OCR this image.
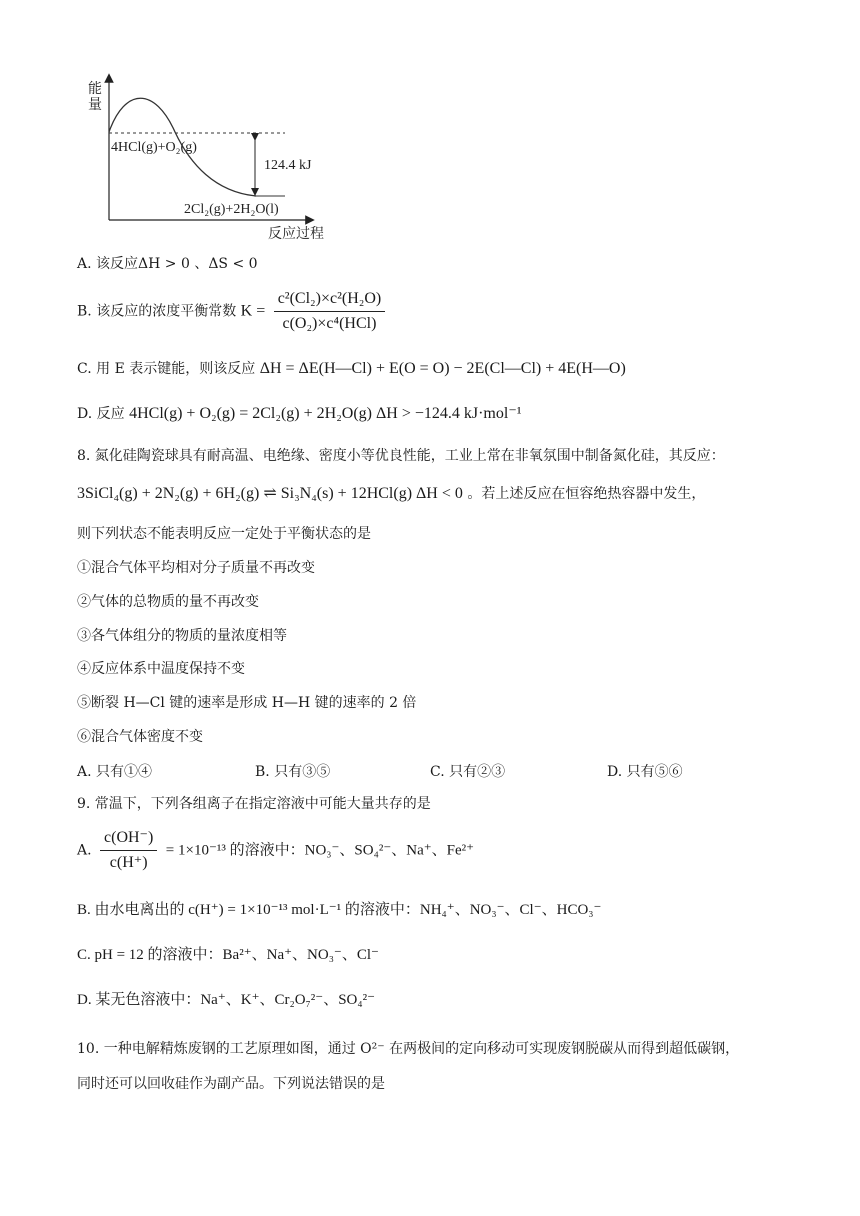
能
量
反应过程
4HCl(g)+O₂(g)
124.4 kJ
2Cl₂(g)+2H₂O(l)
A. 该反应ΔH > 0 、ΔS < 0
B. 该反应的浓度平衡常数 $K = \frac{\text{c²(Cl₂)×c²(H₂O)}}{\text{c(O₂)×c⁴(HCl)}}$
C. 用 E 表示键能，则该反应 ΔH = ΔE(H—Cl) + E(O = O) − 2E(Cl—Cl) + 4E(H—O)
D. 反应 4HCl(g) + O₂(g) = 2Cl₂(g) + 2H₂O(g) ΔH > −124.4 kJ·mol⁻¹
8. 氮化硅陶瓷球具有耐高温、电绝缘、密度小等优良性能，工业上常在非氧氛围中制备氮化硅，其反应：
3SiCl₄(g) + 2N₂(g) + 6H₂(g) ⇌ Si₃N₄(s) + 12HCl(g) ΔH < 0 。若上述反应在恒容绝热容器中发生，
则下列状态不能表明反应一定处于平衡状态的是
①混合气体平均相对分子质量不再改变
②气体的总物质的量不再改变
③各气体组分的物质的量浓度相等
④反应体系中温度保持不变
⑤断裂 H—Cl 键的速率是形成 H—H 键的速率的 2 倍
⑥混合气体密度不变
A. 只有①④	B. 只有③⑤	C. 只有②③	D. 只有⑤⑥
9. 常温下，下列各组离子在指定溶液中可能大量共存的是
A. $\frac{c(OH^-)}{c(H^+)} = 1\times 10^{-13}$ 的溶液中：NO₃⁻、SO₄²⁻、Na⁺、Fe²⁺
B. 由水电离出的 c(H⁺) = 1×10⁻¹³ mol·L⁻¹ 的溶液中：NH₄⁺、NO₃⁻、Cl⁻、HCO₃⁻
C. pH = 12 的溶液中：Ba²⁺、Na⁺、NO₃⁻、Cl⁻
D. 某无色溶液中：Na⁺、K⁺、Cr₂O₇²⁻、SO₄²⁻
10. 一种电解精炼废钢的工艺原理如图，通过 O²⁻ 在两极间的定向移动可实现废钢脱碳从而得到超低碳钢，
同时还可以回收硅作为副产品。下列说法错误的是
